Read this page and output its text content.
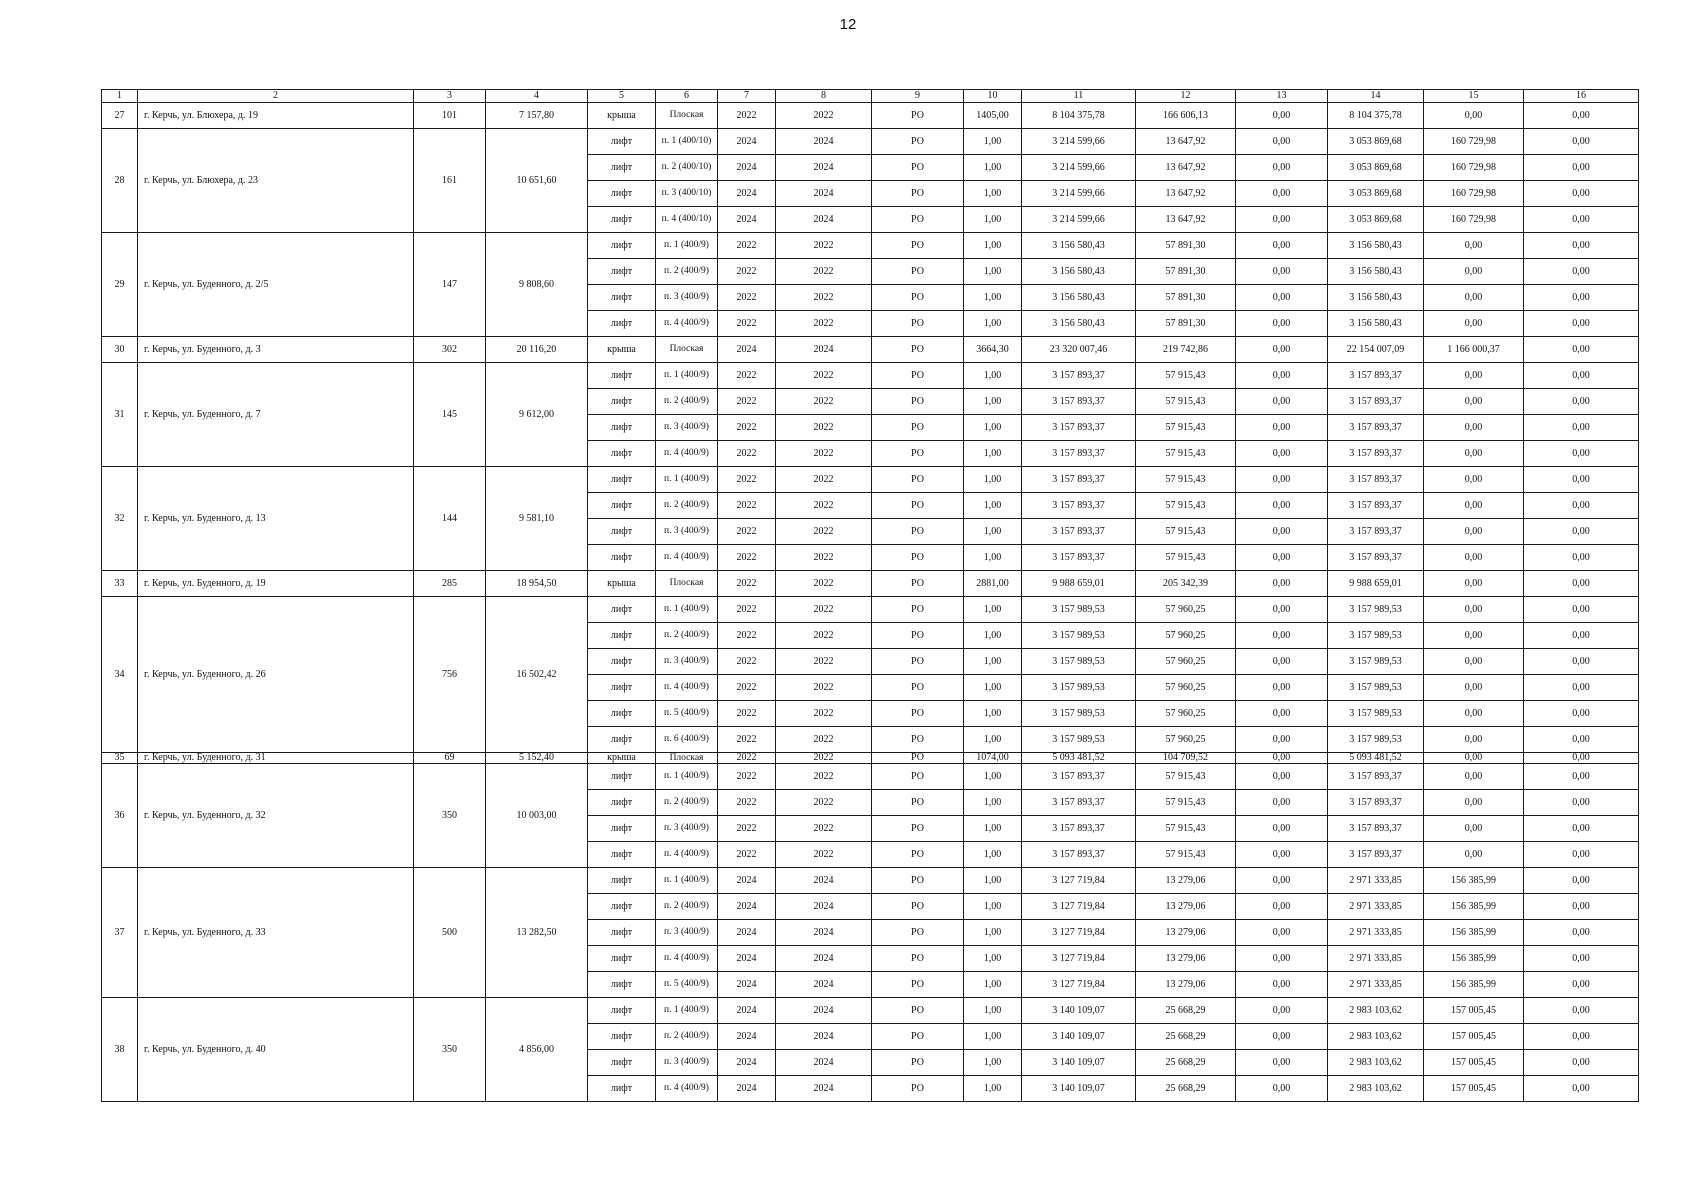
12
1	2	3	4	5	6	7	8	9	10	11	12	13	14	15	16
27	г. Керчь, ул. Блюхера, д. 19	101	7 157,80	крыша	Плоская	2022	2022	РО	1405,00	8 104 375,78	166 606,13	0,00	8 104 375,78	0,00	0,00
28	г. Керчь, ул. Блюхера, д. 23	161	10 651,60	лифт	п. 1 (400/10)	2024	2024	РО	1,00	3 214 599,66	13 647,92	0,00	3 053 869,68	160 729,98	0,00
				лифт	п. 2 (400/10)	2024	2024	РО	1,00	3 214 599,66	13 647,92	0,00	3 053 869,68	160 729,98	0,00
				лифт	п. 3 (400/10)	2024	2024	РО	1,00	3 214 599,66	13 647,92	0,00	3 053 869,68	160 729,98	0,00
				лифт	п. 4 (400/10)	2024	2024	РО	1,00	3 214 599,66	13 647,92	0,00	3 053 869,68	160 729,98	0,00
29	г. Керчь, ул. Буденного, д. 2/5	147	9 808,60	лифт	п. 1 (400/9)	2022	2022	РО	1,00	3 156 580,43	57 891,30	0,00	3 156 580,43	0,00	0,00
				лифт	п. 2 (400/9)	2022	2022	РО	1,00	3 156 580,43	57 891,30	0,00	3 156 580,43	0,00	0,00
				лифт	п. 3 (400/9)	2022	2022	РО	1,00	3 156 580,43	57 891,30	0,00	3 156 580,43	0,00	0,00
				лифт	п. 4 (400/9)	2022	2022	РО	1,00	3 156 580,43	57 891,30	0,00	3 156 580,43	0,00	0,00
30	г. Керчь, ул. Буденного, д. 3	302	20 116,20	крыша	Плоская	2024	2024	РО	3664,30	23 320 007,46	219 742,86	0,00	22 154 007,09	1 166 000,37	0,00
31	г. Керчь, ул. Буденного, д. 7	145	9 612,00	лифт	п. 1 (400/9)	2022	2022	РО	1,00	3 157 893,37	57 915,43	0,00	3 157 893,37	0,00	0,00
				лифт	п. 2 (400/9)	2022	2022	РО	1,00	3 157 893,37	57 915,43	0,00	3 157 893,37	0,00	0,00
				лифт	п. 3 (400/9)	2022	2022	РО	1,00	3 157 893,37	57 915,43	0,00	3 157 893,37	0,00	0,00
				лифт	п. 4 (400/9)	2022	2022	РО	1,00	3 157 893,37	57 915,43	0,00	3 157 893,37	0,00	0,00
32	г. Керчь, ул. Буденного, д. 13	144	9 581,10	лифт	п. 1 (400/9)	2022	2022	РО	1,00	3 157 893,37	57 915,43	0,00	3 157 893,37	0,00	0,00
				лифт	п. 2 (400/9)	2022	2022	РО	1,00	3 157 893,37	57 915,43	0,00	3 157 893,37	0,00	0,00
				лифт	п. 3 (400/9)	2022	2022	РО	1,00	3 157 893,37	57 915,43	0,00	3 157 893,37	0,00	0,00
				лифт	п. 4 (400/9)	2022	2022	РО	1,00	3 157 893,37	57 915,43	0,00	3 157 893,37	0,00	0,00
33	г. Керчь, ул. Буденного, д. 19	285	18 954,50	крыша	Плоская	2022	2022	РО	2881,00	9 988 659,01	205 342,39	0,00	9 988 659,01	0,00	0,00
34	г. Керчь, ул. Буденного, д. 26	756	16 502,42	лифт	п. 1 (400/9)	2022	2022	РО	1,00	3 157 989,53	57 960,25	0,00	3 157 989,53	0,00	0,00
				лифт	п. 2 (400/9)	2022	2022	РО	1,00	3 157 989,53	57 960,25	0,00	3 157 989,53	0,00	0,00
				лифт	п. 3 (400/9)	2022	2022	РО	1,00	3 157 989,53	57 960,25	0,00	3 157 989,53	0,00	0,00
				лифт	п. 4 (400/9)	2022	2022	РО	1,00	3 157 989,53	57 960,25	0,00	3 157 989,53	0,00	0,00
				лифт	п. 5 (400/9)	2022	2022	РО	1,00	3 157 989,53	57 960,25	0,00	3 157 989,53	0,00	0,00
				лифт	п. 6 (400/9)	2022	2022	РО	1,00	3 157 989,53	57 960,25	0,00	3 157 989,53	0,00	0,00
35	г. Керчь, ул. Буденного, д. 31	69	5 152,40	крыша	Плоская	2022	2022	РО	1074,00	5 093 481,52	104 709,52	0,00	5 093 481,52	0,00	0,00
36	г. Керчь, ул. Буденного, д. 32	350	10 003,00	лифт	п. 1 (400/9)	2022	2022	РО	1,00	3 157 893,37	57 915,43	0,00	3 157 893,37	0,00	0,00
				лифт	п. 2 (400/9)	2022	2022	РО	1,00	3 157 893,37	57 915,43	0,00	3 157 893,37	0,00	0,00
				лифт	п. 3 (400/9)	2022	2022	РО	1,00	3 157 893,37	57 915,43	0,00	3 157 893,37	0,00	0,00
				лифт	п. 4 (400/9)	2022	2022	РО	1,00	3 157 893,37	57 915,43	0,00	3 157 893,37	0,00	0,00
37	г. Керчь, ул. Буденного, д. 33	500	13 282,50	лифт	п. 1 (400/9)	2024	2024	РО	1,00	3 127 719,84	13 279,06	0,00	2 971 333,85	156 385,99	0,00
				лифт	п. 2 (400/9)	2024	2024	РО	1,00	3 127 719,84	13 279,06	0,00	2 971 333,85	156 385,99	0,00
				лифт	п. 3 (400/9)	2024	2024	РО	1,00	3 127 719,84	13 279,06	0,00	2 971 333,85	156 385,99	0,00
				лифт	п. 4 (400/9)	2024	2024	РО	1,00	3 127 719,84	13 279,06	0,00	2 971 333,85	156 385,99	0,00
				лифт	п. 5 (400/9)	2024	2024	РО	1,00	3 127 719,84	13 279,06	0,00	2 971 333,85	156 385,99	0,00
38	г. Керчь, ул. Буденного, д. 40	350	4 856,00	лифт	п. 1 (400/9)	2024	2024	РО	1,00	3 140 109,07	25 668,29	0,00	2 983 103,62	157 005,45	0,00
				лифт	п. 2 (400/9)	2024	2024	РО	1,00	3 140 109,07	25 668,29	0,00	2 983 103,62	157 005,45	0,00
				лифт	п. 3 (400/9)	2024	2024	РО	1,00	3 140 109,07	25 668,29	0,00	2 983 103,62	157 005,45	0,00
				лифт	п. 4 (400/9)	2024	2024	РО	1,00	3 140 109,07	25 668,29	0,00	2 983 103,62	157 005,45	0,00
